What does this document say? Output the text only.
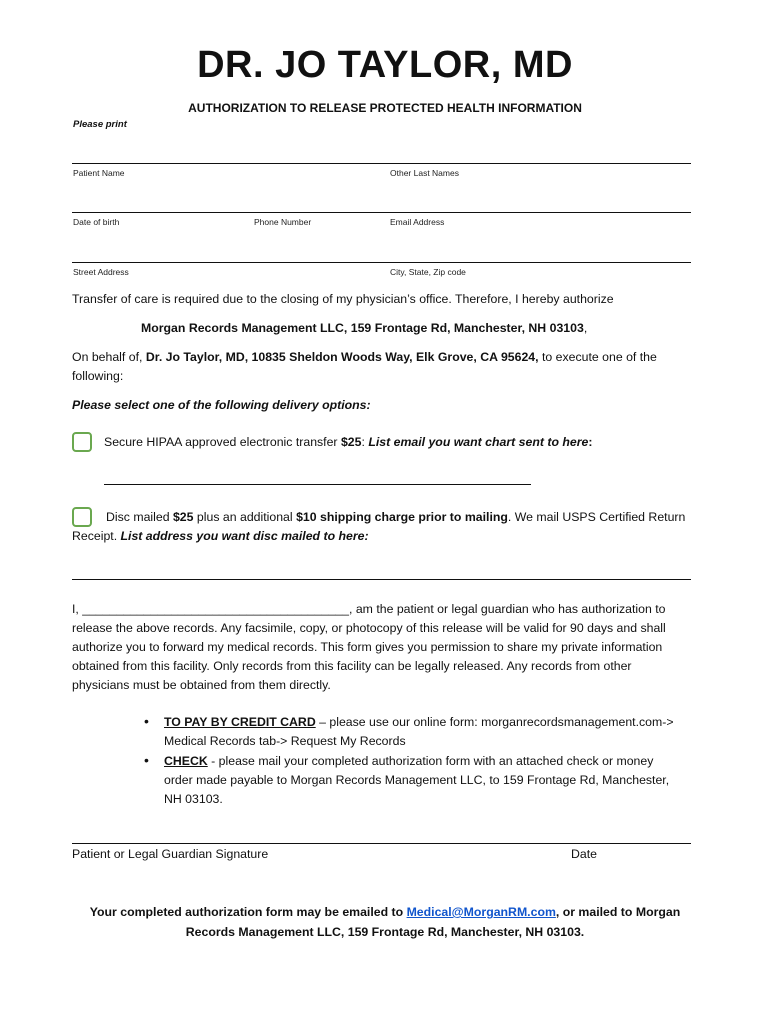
DR. JO TAYLOR, MD
AUTHORIZATION TO RELEASE PROTECTED HEALTH INFORMATION
Please print
Patient Name	Other Last Names
Date of birth	Phone Number	Email Address
Street Address	City, State, Zip code
Transfer of care is required due to the closing of my physician’s office. Therefore, I hereby authorize
Morgan Records Management LLC, 159 Frontage Rd, Manchester, NH 03103,
On behalf of, Dr. Jo Taylor, MD, 10835 Sheldon Woods Way, Elk Grove, CA 95624, to execute one of the
following:
Please select one of the following delivery options:
Secure HIPAA approved electronic transfer $25: List email you want chart sent to here:
Disc mailed $25 plus an additional $10 shipping charge prior to mailing. We mail USPS Certified Return
Receipt. List address you want disc mailed to here:
I, _______________________________________, am the patient or legal guardian who has authorization to
release the above records. Any facsimile, copy, or photocopy of this release will be valid for 90 days and shall
authorize you to forward my medical records. This form gives you permission to share my private information
obtained from this facility. Only records from this facility can be legally released. Any records from other
physicians must be obtained from them directly.
• TO PAY BY CREDIT CARD – please use our online form: morganrecordsmanagement.com->
Medical Records tab-> Request My Records
• CHECK - please mail your completed authorization form with an attached check or money
order made payable to Morgan Records Management LLC, to 159 Frontage Rd, Manchester,
NH 03103.
Patient or Legal Guardian Signature	Date
Your completed authorization form may be emailed to Medical@MorganRM.com, or mailed to Morgan
Records Management LLC, 159 Frontage Rd, Manchester, NH 03103.
